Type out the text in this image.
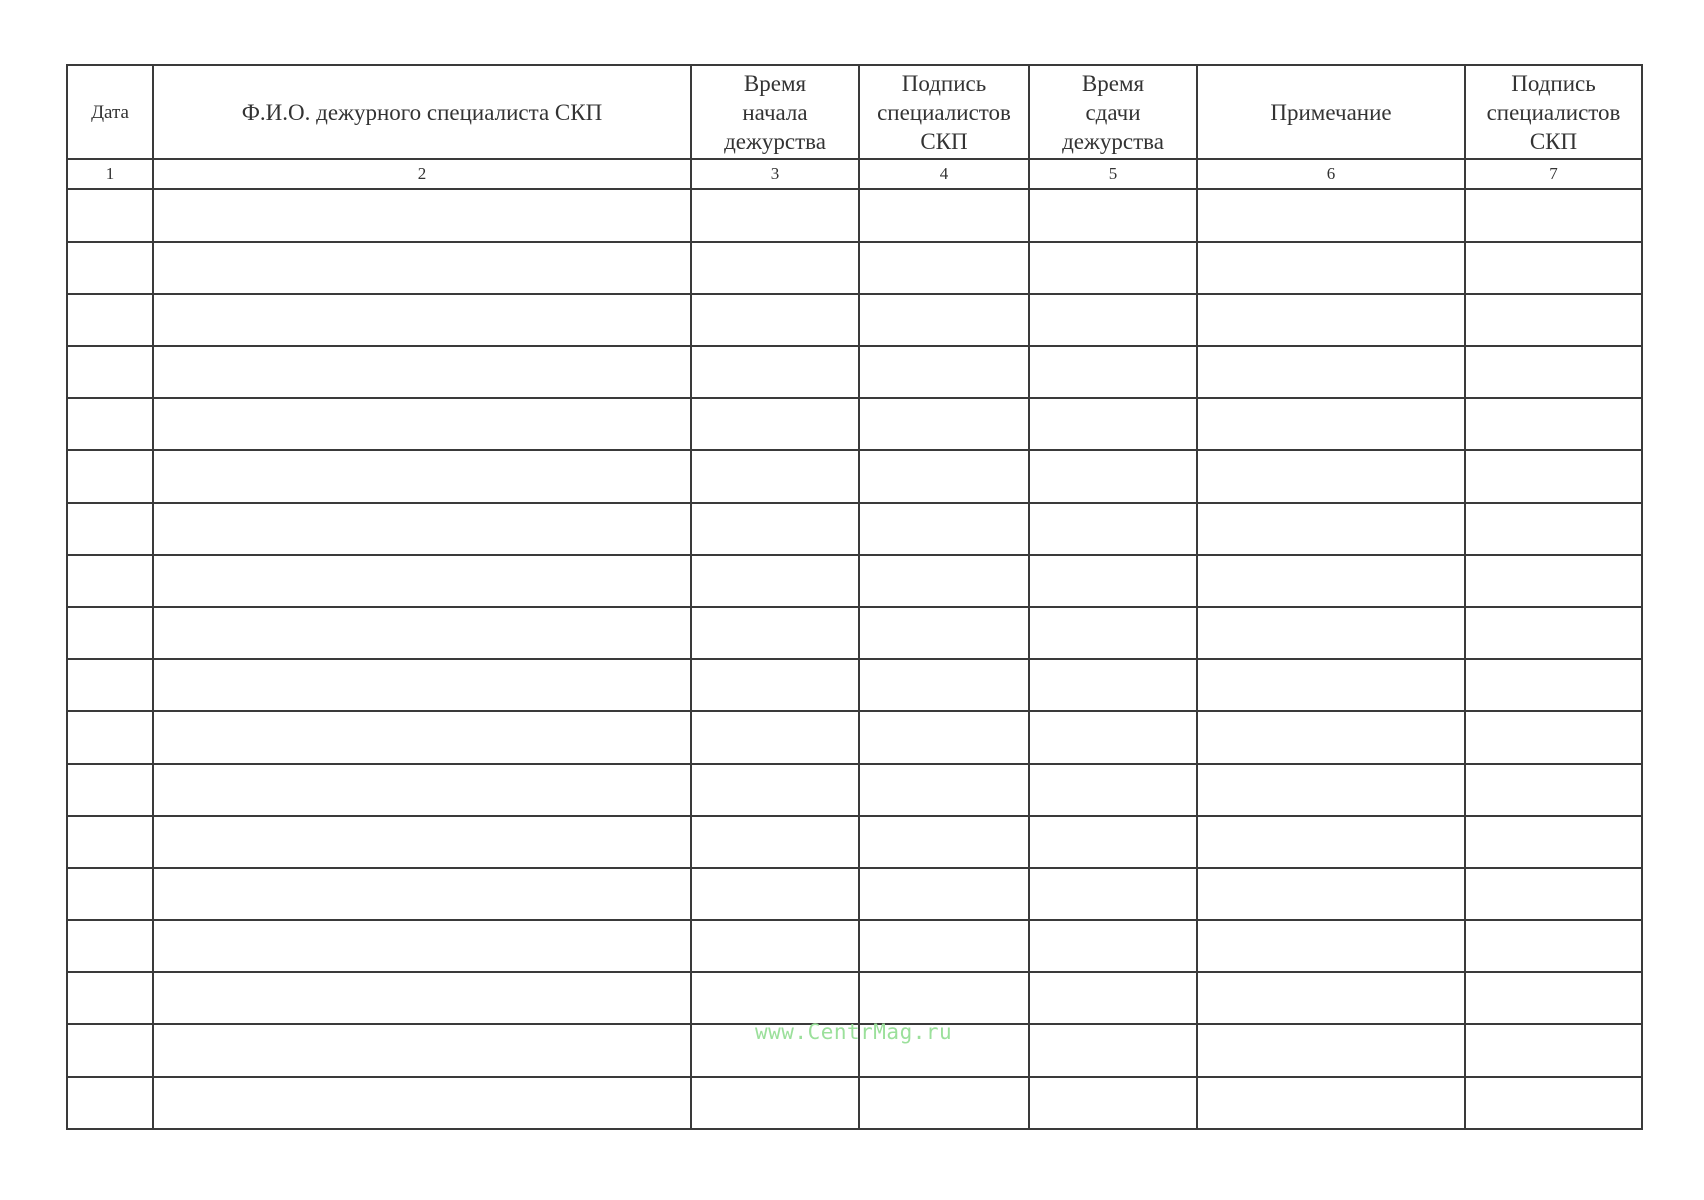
Дата	Ф.И.О. дежурного специалиста СКП	Время
начала
дежурства	Подпись
специалистов
СКП	Время
сдачи
дежурства	Примечание	Подпись
специалистов
СКП

1	2	3	4	5	6	7

www.CentrMag.ru
